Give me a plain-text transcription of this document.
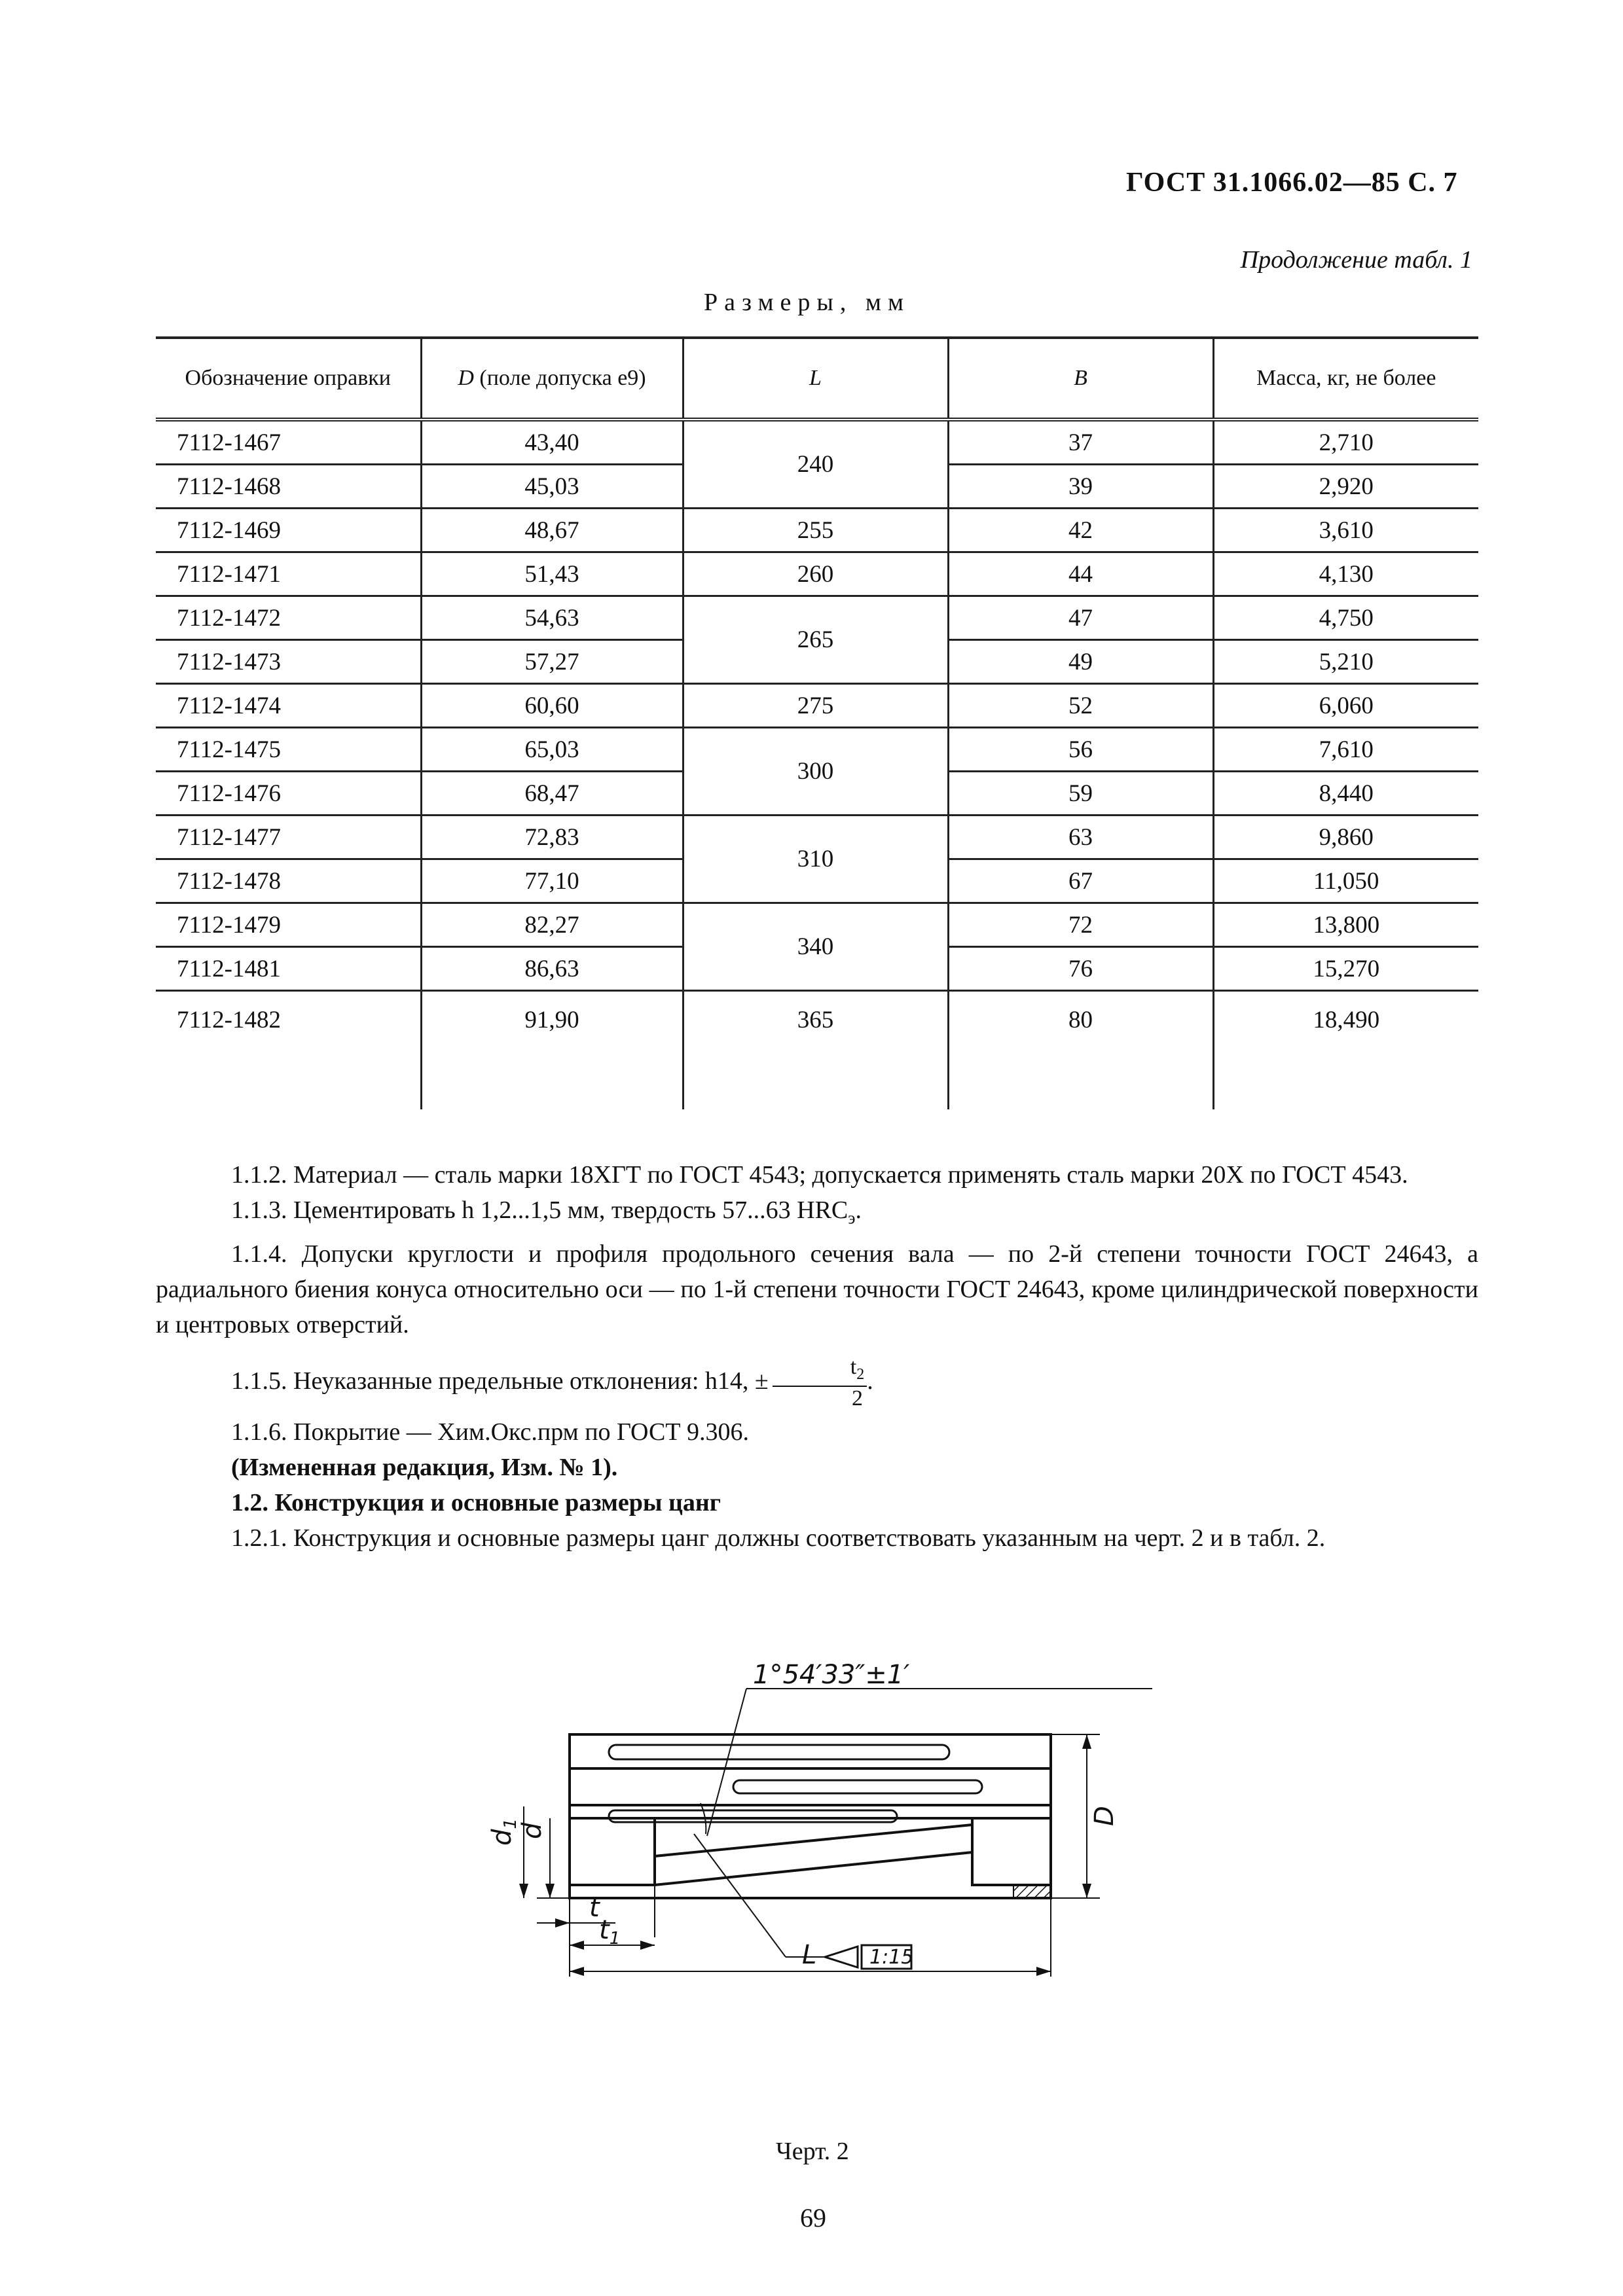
ГОСТ 31.1066.02—85 С. 7
Продолжение табл. 1
Размеры, мм
Обозначение оправки	D (поле допуска е9)	L	B	Масса, кг, не более
7112-1467	43,40	240	37	2,710
7112-1468	45,03		39	2,920
7112-1469	48,67	255	42	3,610
7112-1471	51,43	260	44	4,130
7112-1472	54,63	265	47	4,750
7112-1473	57,27		49	5,210
7112-1474	60,60	275	52	6,060
7112-1475	65,03	300	56	7,610
7112-1476	68,47		59	8,440
7112-1477	72,83	310	63	9,860
7112-1478	77,10		67	11,050
7112-1479	82,27	340	72	13,800
7112-1481	86,63		76	15,270
7112-1482	91,90	365	80	18,490

1.1.2. Материал — сталь марки 18ХГТ по ГОСТ 4543; допускается применять сталь марки 20Х по ГОСТ 4543.

1.1.3. Цементировать h 1,2...1,5 мм, твердость 57...63 $HRC_э$.

1.1.4. Допуски круглости и профиля продольного сечения вала — по 2-й степени точности ГОСТ 24643, а радиального биения конуса относительно оси — по 1-й степени точности ГОСТ 24643, кроме цилиндрической поверхности и центровых отверстий.

1.1.5. Неуказанные предельные отклонения: h14, ± $\frac{t_2}{2}$ .

1.1.6. Покрытие — Хим.Окс.прм по ГОСТ 9.306.

(Измененная редакция, Изм. № 1).

1.2. Конструкция и основные размеры цанг

1.2.1. Конструкция и основные размеры цанг должны соответствовать указанным на черт. 2 и в табл. 2.

1°54′33″±1′
1:15
$d_1$
d
D
t
$t_1$
L
Черт. 2
69
